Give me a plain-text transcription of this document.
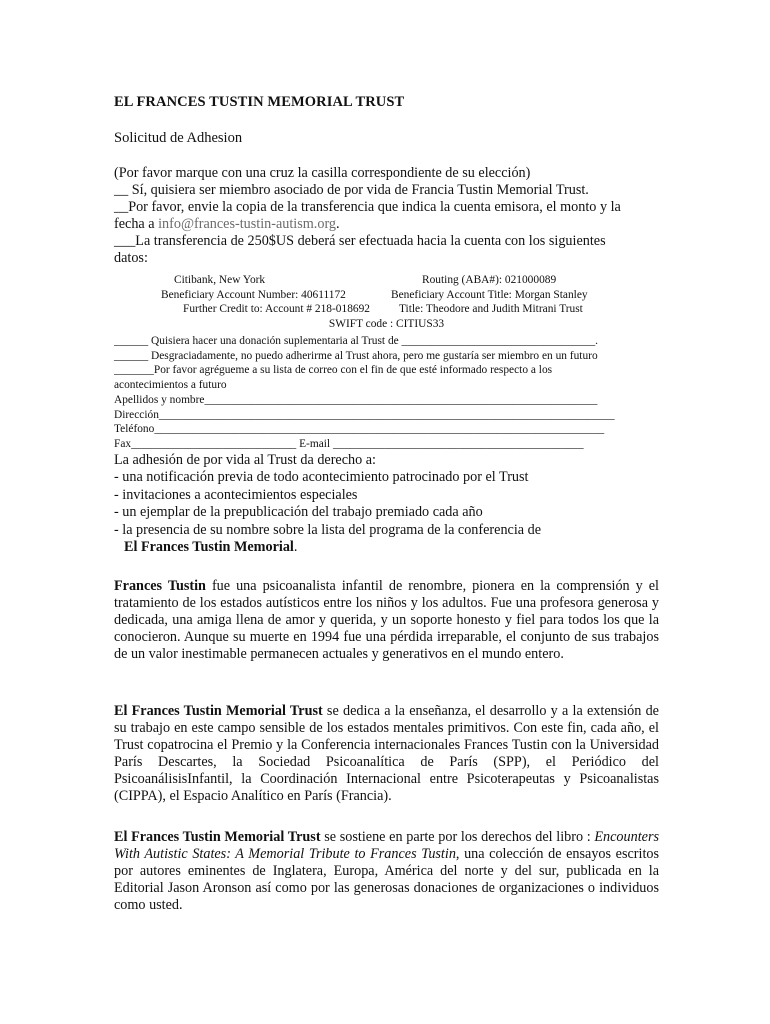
EL FRANCES TUSTIN MEMORIAL TRUST
Solicitud de Adhesion
(Por favor marque con una cruz la casilla correspondiente de su elección)
__ Sí, quisiera ser miembro asociado de por vida de Francia Tustin Memorial Trust.
__Por favor, envie la copia de la transferencia que indica la cuenta emisora, el monto y la
fecha a info@frances-tustin-autism.org.
___La transferencia de 250$US deberá ser efectuada hacia la cuenta con los siguientes
datos:
Citibank, New York	Routing (ABA#): 021000089
Beneficiary Account Number: 40611172	Beneficiary Account Title: Morgan Stanley
Further Credit to: Account # 218-018692	Title: Theodore and Judith Mitrani Trust
SWIFT code : CITIUS33
______ Quisiera hacer una donación suplementaria al Trust de __________________________________.
______ Desgraciadamente, no puedo adherirme al Trust ahora, pero me gustaría ser miembro en un futuro
_______Por favor agrégueme a su lista de correo con el fin de que esté informado respecto a los
acontecimientos a futuro
Apellidos y nombre_____________________________________________________________________
Dirección________________________________________________________________________________
Teléfono_______________________________________________________________________________
Fax_____________________________ E-mail ____________________________________________
La adhesión de por vida al Trust da derecho a:
- una notificación previa de todo acontecimiento patrocinado por el Trust
- invitaciones a acontecimientos especiales
- un ejemplar de la prepublicación del trabajo premiado cada año
- la presencia de su nombre sobre la lista del programa de la conferencia de
El Frances Tustin Memorial.
Frances Tustin fue una psicoanalista infantil de renombre, pionera en la comprensión y el tratamiento de los estados autísticos entre los niños y los adultos. Fue una profesora generosa y dedicada, una amiga llena de amor y querida, y un soporte honesto y fiel para todos los que la conocieron. Aunque su muerte en 1994 fue una pérdida irreparable, el conjunto de sus trabajos de un valor inestimable permanecen actuales y generativos en el mundo entero.
El Frances Tustin Memorial Trust se dedica a la enseñanza, el desarrollo y a la extensión de su trabajo en este campo sensible de los estados mentales primitivos. Con este fin, cada año, el Trust copatrocina el Premio y la Conferencia internacionales Frances Tustin con la Universidad París Descartes, la Sociedad Psicoanalítica de París (SPP), el Periódico del PsicoanálisisInfantil, la Coordinación Internacional entre Psicoterapeutas y Psicoanalistas (CIPPA), el Espacio Analítico en París (Francia).
El Frances Tustin Memorial Trust se sostiene en parte por los derechos del libro : Encounters With Autistic States: A Memorial Tribute to Frances Tustin, una colección de ensayos escritos por autores eminentes de Inglatera, Europa, América del norte y del sur, publicada en la Editorial Jason Aronson así como por las generosas donaciones de organizaciones o individuos como usted.
